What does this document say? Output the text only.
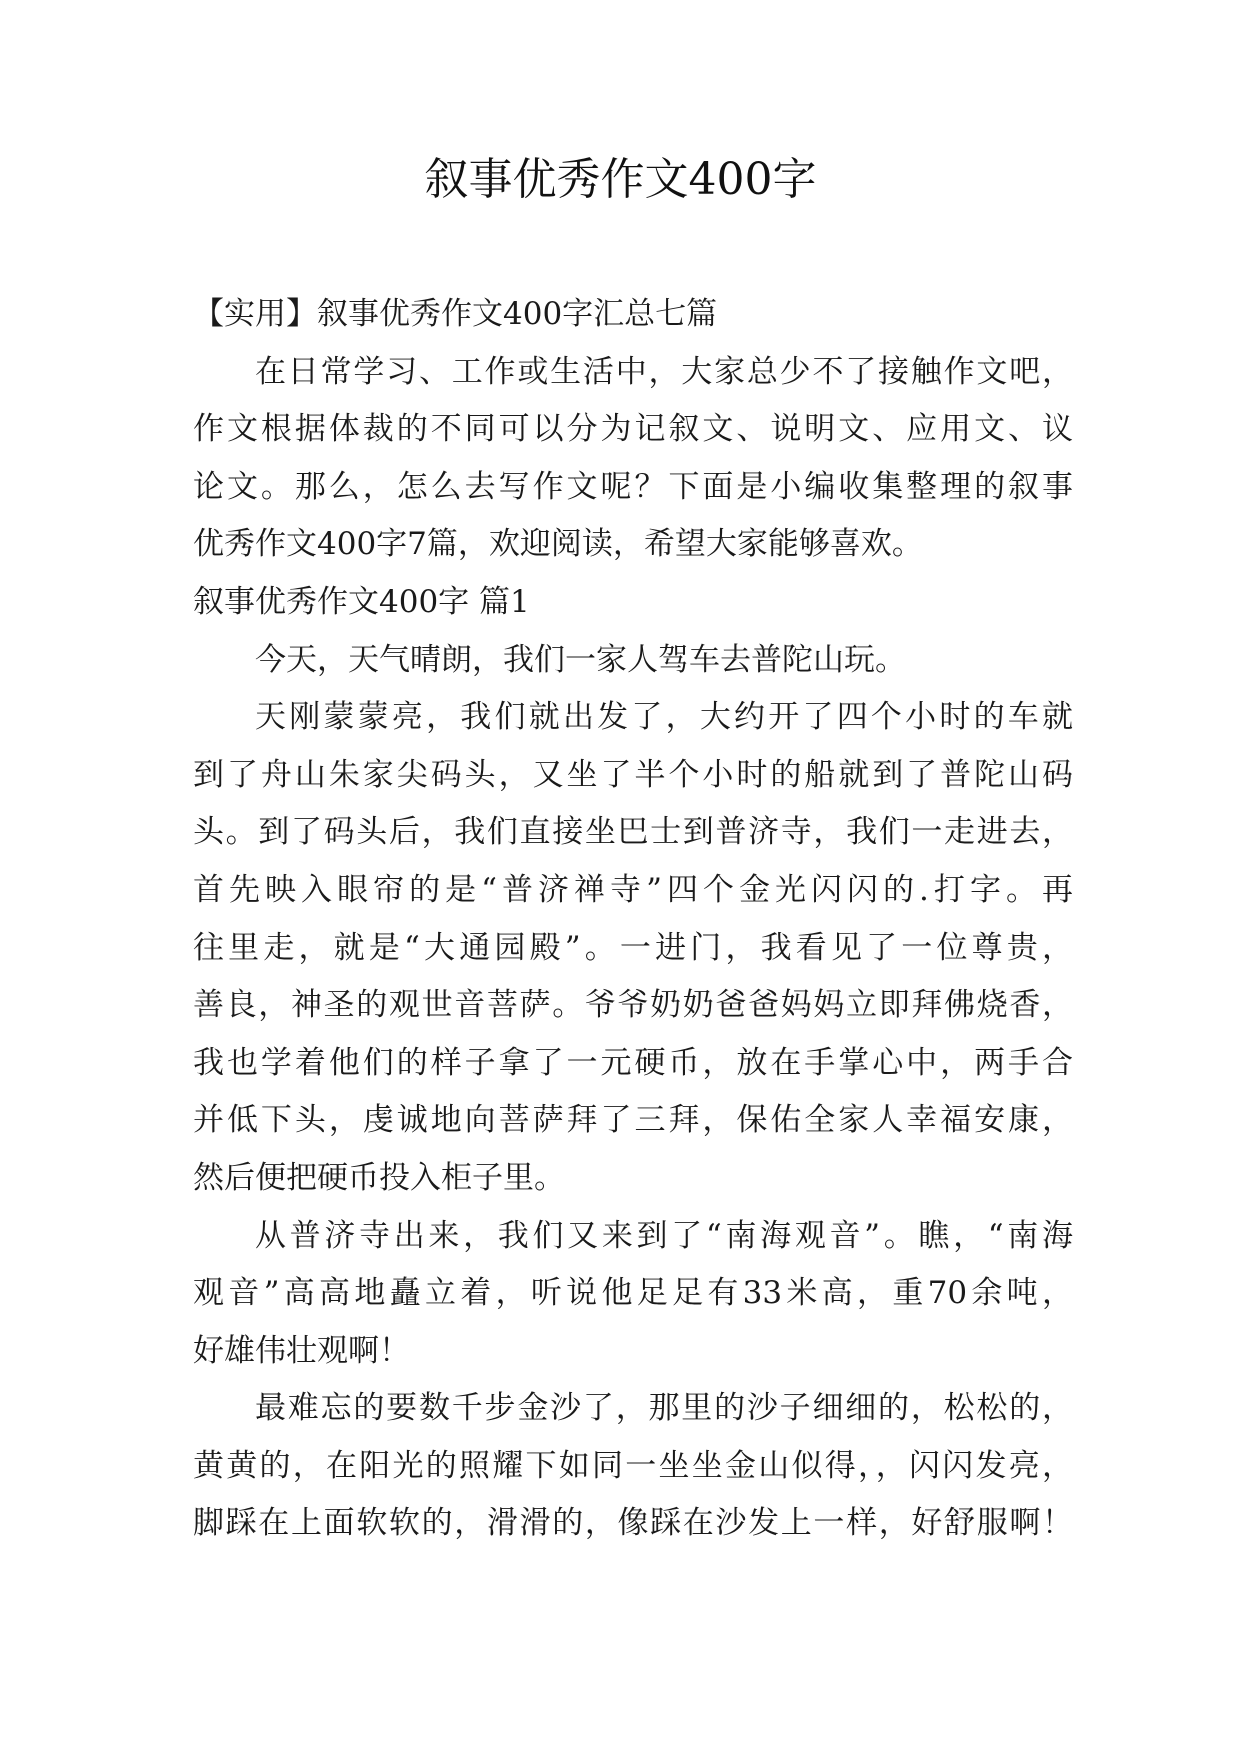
叙事优秀作文400字

【实用】叙事优秀作文400字汇总七篇

在日常学习、工作或生活中，大家总少不了接触作文吧，

作文根据体裁的不同可以分为记叙文、说明文、应用文、议

论文。那么，怎么去写作文呢？下面是小编收集整理的叙事

优秀作文400字7篇，欢迎阅读，希望大家能够喜欢。

叙事优秀作文400字 篇1

今天，天气晴朗，我们一家人驾车去普陀山玩。

天刚蒙蒙亮，我们就出发了，大约开了四个小时的车就

到了舟山朱家尖码头，又坐了半个小时的船就到了普陀山码

头。到了码头后，我们直接坐巴士到普济寺，我们一走进去，

首先映入眼帘的是“普济禅寺”四个金光闪闪的.打字。再

往里走，就是“大通园殿”。一进门，我看见了一位尊贵，

善良，神圣的观世音菩萨。爷爷奶奶爸爸妈妈立即拜佛烧香，

我也学着他们的样子拿了一元硬币，放在手掌心中，两手合

并低下头，虔诚地向菩萨拜了三拜，保佑全家人幸福安康，

然后便把硬币投入柜子里。

从普济寺出来，我们又来到了“南海观音”。瞧，“南海

观音”高高地矗立着，听说他足足有33米高，重70余吨，

好雄伟壮观啊！

最难忘的要数千步金沙了，那里的沙子细细的，松松的，

黄黄的，在阳光的照耀下如同一坐坐金山似得，，闪闪发亮，

脚踩在上面软软的，滑滑的，像踩在沙发上一样，好舒服啊！
